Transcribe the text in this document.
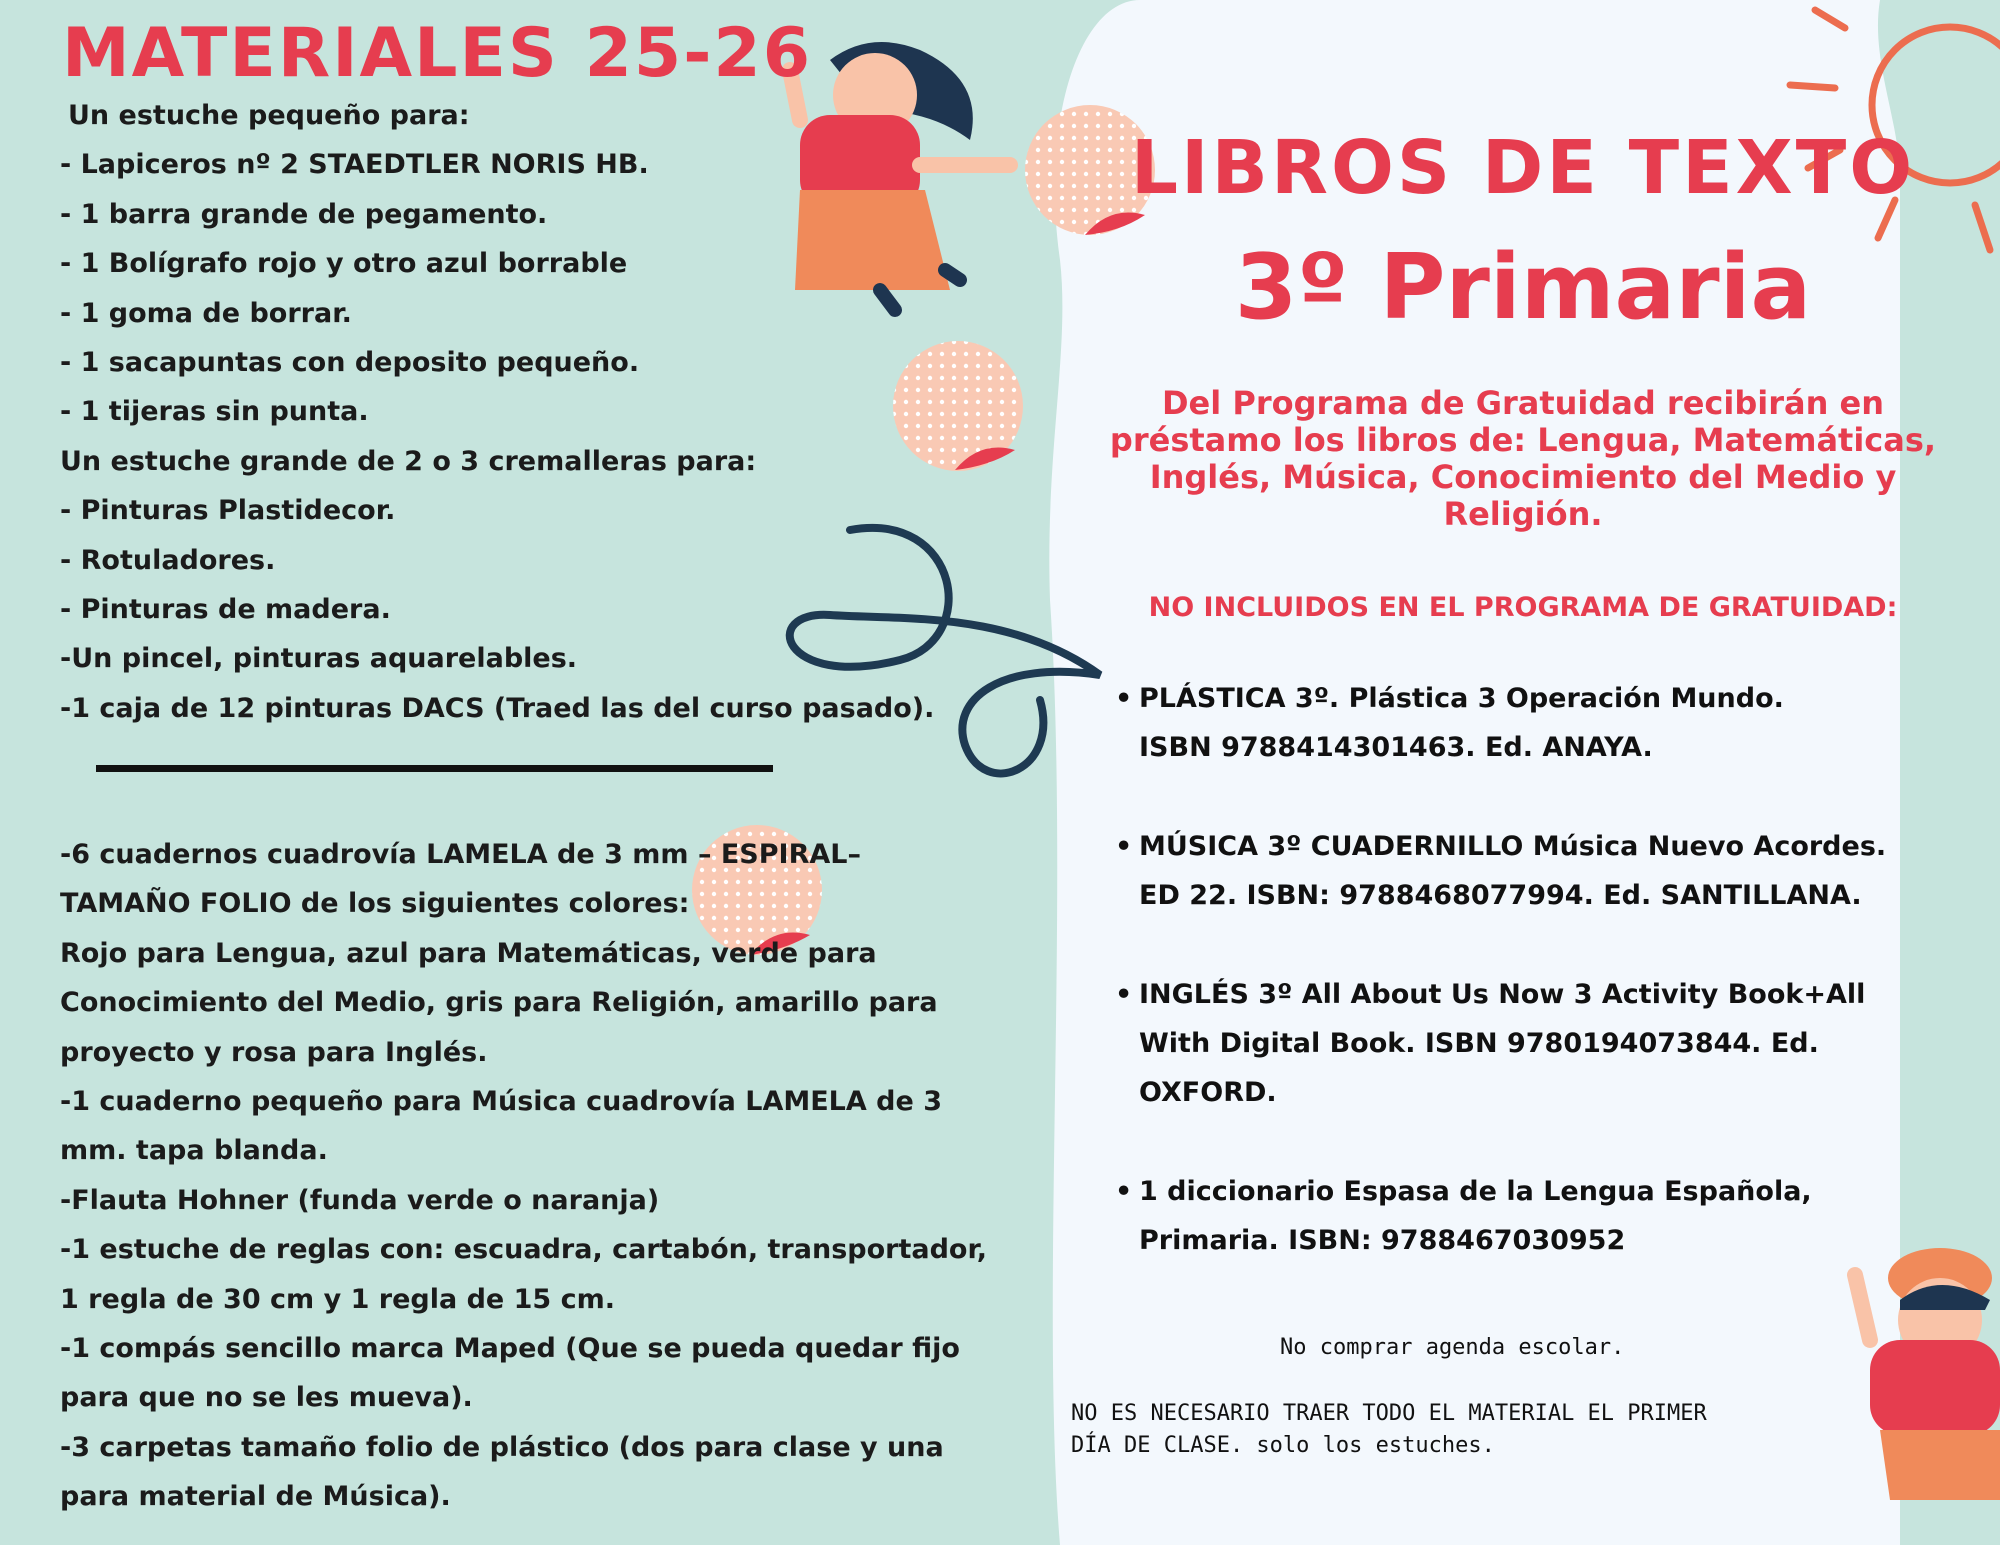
MATERIALES 25-26
Un estuche pequeño para:
- Lapiceros nº 2 STAEDTLER NORIS HB.
- 1 barra grande de pegamento.
- 1 Bolígrafo rojo y otro azul borrable
- 1 goma de borrar.
- 1 sacapuntas con deposito pequeño.
- 1 tijeras sin punta.
Un estuche grande de 2 o 3 cremalleras para:
- Pinturas Plastidecor.
- Rotuladores.
- Pinturas de madera.
-Un pincel, pinturas aquarelables.
-1 caja de 12 pinturas DACS (Traed las del curso pasado).
-6 cuadernos cuadrovía LAMELA de 3 mm – ESPIRAL–
TAMAÑO FOLIO de los siguientes colores:
Rojo para Lengua, azul para Matemáticas, verde para
Conocimiento del Medio, gris para Religión, amarillo para
proyecto y rosa para Inglés.
-1 cuaderno pequeño para Música cuadrovía LAMELA de 3
mm. tapa blanda.
-Flauta Hohner (funda verde o naranja)
-1 estuche de reglas con: escuadra, cartabón, transportador,
1 regla de 30 cm y 1 regla de 15 cm.
-1 compás sencillo marca Maped (Que se pueda quedar fijo
para que no se les mueva).
-3 carpetas tamaño folio de plástico (dos para clase y una
para material de Música).
LIBROS DE TEXTO
3º Primaria
Del Programa de Gratuidad recibirán en
préstamo los libros de: Lengua, Matemáticas,
Inglés, Música, Conocimiento del Medio y
Religión.
NO INCLUIDOS EN EL PROGRAMA DE GRATUIDAD:
• PLÁSTICA 3º. Plástica 3 Operación Mundo.
ISBN 9788414301463. Ed. ANAYA.
• MÚSICA 3º CUADERNILLO Música Nuevo Acordes.
ED 22. ISBN: 9788468077994. Ed. SANTILLANA.
• INGLÉS 3º All About Us Now 3 Activity Book+All
With Digital Book. ISBN 9780194073844. Ed.
OXFORD.
• 1 diccionario Espasa de la Lengua Española,
Primaria. ISBN: 9788467030952
No comprar agenda escolar.
NO ES NECESARIO TRAER TODO EL MATERIAL EL PRIMER
DÍA DE CLASE. solo los estuches.
